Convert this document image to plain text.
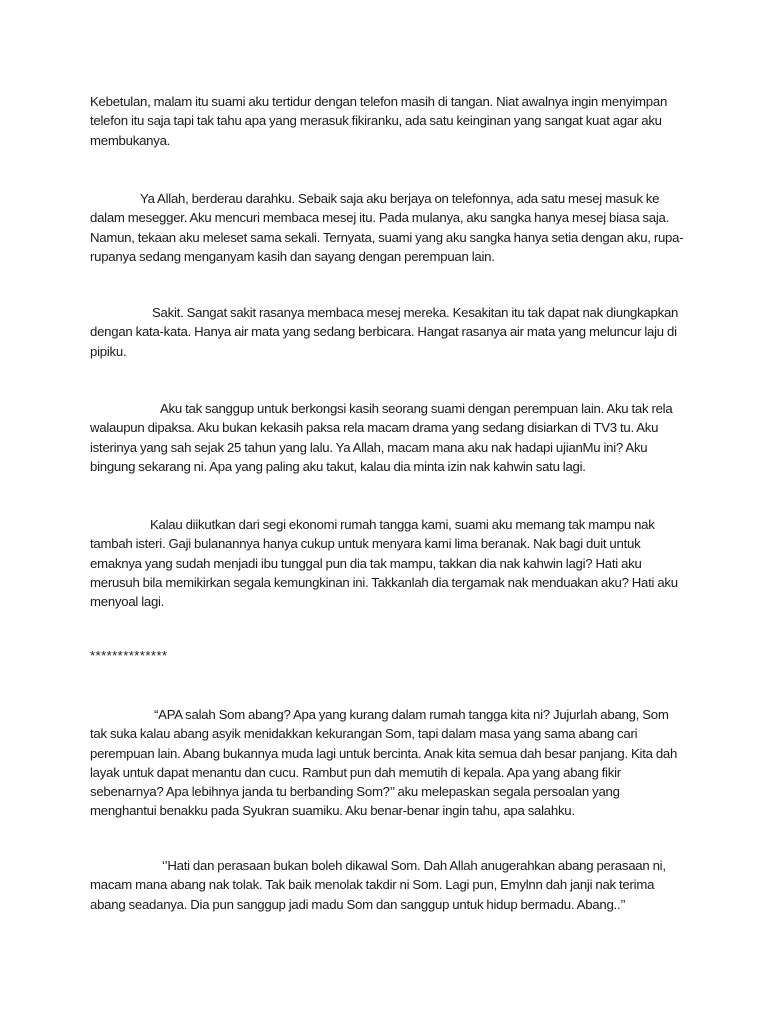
Kebetulan, malam itu suami aku tertidur dengan telefon masih di tangan. Niat awalnya ingin menyimpan telefon itu saja tapi tak tahu apa yang merasuk fikiranku, ada satu keinginan yang sangat kuat agar aku membukanya.

Ya Allah, berderau darahku. Sebaik saja aku berjaya on telefonnya, ada satu mesej masuk ke dalam mesegger. Aku mencuri membaca mesej itu. Pada mulanya, aku sangka hanya mesej biasa saja. Namun, tekaan aku meleset sama sekali. Ternyata, suami yang aku sangka hanya setia dengan aku, rupa-rupanya sedang menganyam kasih dan sayang dengan perempuan lain.

Sakit. Sangat sakit rasanya membaca mesej mereka. Kesakitan itu tak dapat nak diungkapkan dengan kata-kata. Hanya air mata yang sedang berbicara. Hangat rasanya air mata yang meluncur laju di pipiku.

Aku tak sanggup untuk berkongsi kasih seorang suami dengan perempuan lain. Aku tak rela walaupun dipaksa. Aku bukan kekasih paksa rela macam drama yang sedang disiarkan di TV3 tu. Aku isterinya yang sah sejak 25 tahun yang lalu. Ya Allah, macam mana aku nak hadapi ujianMu ini? Aku bingung sekarang ni. Apa yang paling aku takut, kalau dia minta izin nak kahwin satu lagi.

Kalau diikutkan dari segi ekonomi rumah tangga kami, suami aku memang tak mampu nak tambah isteri. Gaji bulanannya hanya cukup untuk menyara kami lima beranak. Nak bagi duit untuk emaknya yang sudah menjadi ibu tunggal pun dia tak mampu, takkan dia nak kahwin lagi? Hati aku merusuh bila memikirkan segala kemungkinan ini. Takkanlah dia tergamak nak menduakan aku? Hati aku menyoal lagi.

**************

“APA salah Som abang? Apa yang kurang dalam rumah tangga kita ni? Jujurlah abang, Som tak suka kalau abang asyik menidakkan kekurangan Som, tapi dalam masa yang sama abang cari perempuan lain. Abang bukannya muda lagi untuk bercinta. Anak kita semua dah besar panjang. Kita dah layak untuk dapat menantu dan cucu. Rambut pun dah memutih di kepala. Apa yang abang fikir sebenarnya? Apa lebihnya janda tu berbanding Som?’’ aku melepaskan segala persoalan yang menghantui benakku pada Syukran suamiku. Aku benar-benar ingin tahu, apa salahku.

‘’Hati dan perasaan bukan boleh dikawal Som. Dah Allah anugerahkan abang perasaan ni, macam mana abang nak tolak. Tak baik menolak takdir ni Som. Lagi pun, Emylnn dah janji nak terima abang seadanya. Dia pun sanggup jadi madu Som dan sanggup untuk hidup bermadu. Abang..’’
